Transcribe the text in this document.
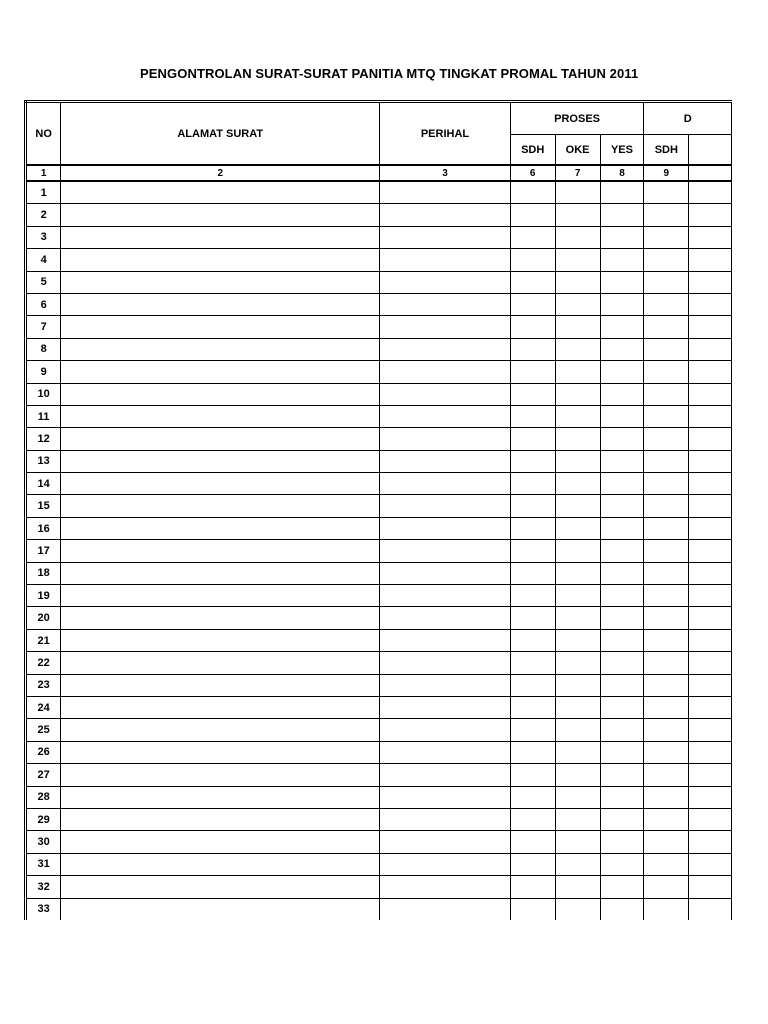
PENGONTROLAN SURAT-SURAT PANITIA MTQ TINGKAT PROMAL TAHUN 2011
NO	ALAMAT SURAT	PERIHAL	PROSES			D	
			SDH	OKE	YES	SDH	
1	2	3	6	7	8	9	
1							
2							
3							
4							
5							
6							
7							
8							
9							
10							
11							
12							
13							
14							
15							
16							
17							
18							
19							
20							
21							
22							
23							
24							
25							
26							
27							
28							
29							
30							
31							
32							
33							
